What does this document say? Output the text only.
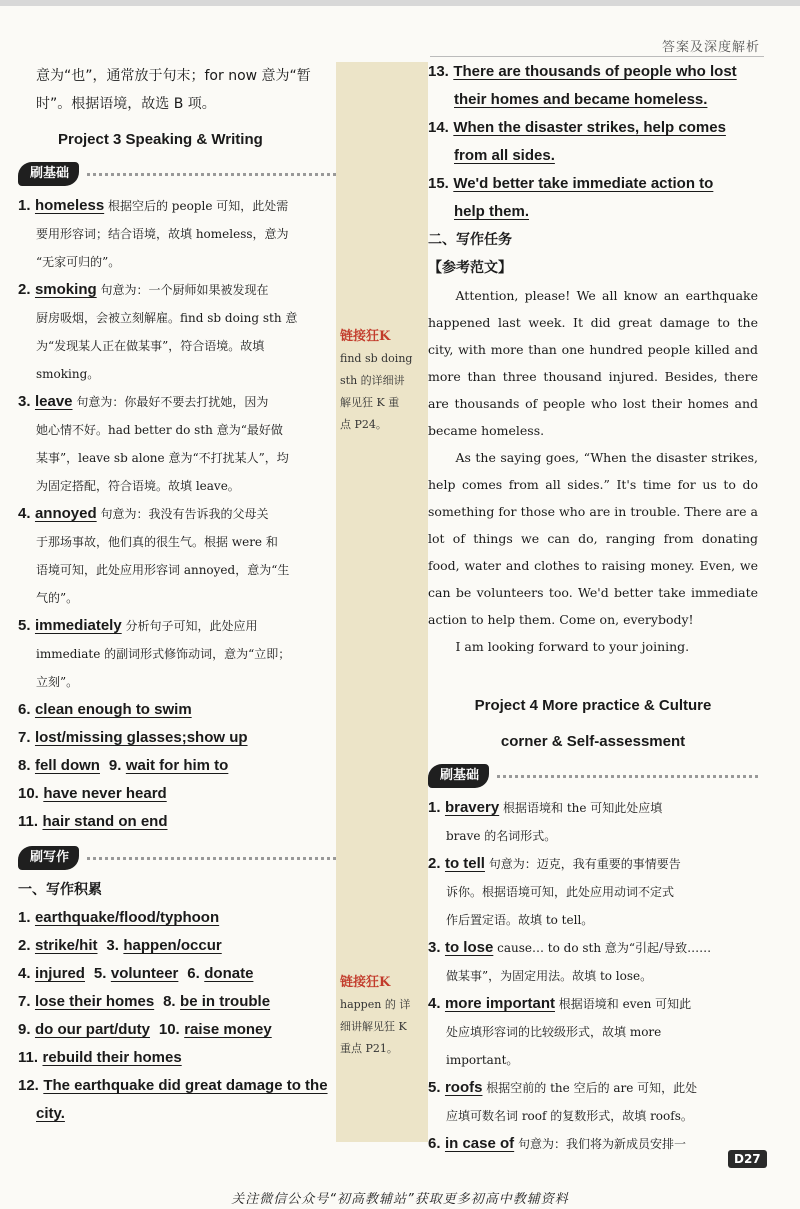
答案及深度解析
链接狂K
find sb doing
sth 的详细讲
解见狂 K 重
点 P24。
链接狂K
happen 的 详
细讲解见狂 K
重点 P21。
意为“也”，通常放于句末；for now 意为“暂
时”。根据语境，故选 B 项。
Project 3 Speaking & Writing
刷基础
1. homeless 根据空后的 people 可知，此处需
要用形容词；结合语境，故填 homeless，意为
“无家可归的”。
2. smoking 句意为：一个厨师如果被发现在
厨房吸烟，会被立刻解雇。find sb doing sth 意
为“发现某人正在做某事”，符合语境。故填
smoking。
3. leave 句意为：你最好不要去打扰她，因为
她心情不好。had better do sth 意为“最好做
某事”，leave sb alone 意为“不打扰某人”，均
为固定搭配，符合语境。故填 leave。
4. annoyed 句意为：我没有告诉我的父母关
于那场事故，他们真的很生气。根据 were 和
语境可知，此处应用形容词 annoyed，意为“生
气的”。
5. immediately 分析句子可知，此处应用
immediate 的副词形式修饰动词，意为“立即；
立刻”。
6. clean enough to swim
7. lost/missing glasses;show up
8. fell down 9. wait for him to
10. have never heard
11. hair stand on end
刷写作
一、写作积累
1. earthquake/flood/typhoon
2. strike/hit 3. happen/occur
4. injured 5. volunteer 6. donate
7. lose their homes 8. be in trouble
9. do our part/duty 10. raise money
11. rebuild their homes
12. The earthquake did great damage to the
city.
13. There are thousands of people who lost
their homes and became homeless.
14. When the disaster strikes, help comes
from all sides.
15. We'd better take immediate action to
help them.
二、写作任务
【参考范文】

Attention, please! We all know an earthquake happened last week. It did great damage to the city, with more than one hundred people killed and more than three thousand injured. Besides, there are thousands of people who lost their homes and became homeless.

As the saying goes, “When the disaster strikes, help comes from all sides.” It's time for us to do something for those who are in trouble. There are a lot of things we can do, ranging from donating food, water and clothes to raising money. Even, we can be volunteers too. We'd better take immediate action to help them. Come on, everybody!

I am looking forward to your joining.

Project 4 More practice & Culture
corner & Self-assessment
刷基础
1. bravery 根据语境和 the 可知此处应填
brave 的名词形式。
2. to tell 句意为：迈克，我有重要的事情要告
诉你。根据语境可知，此处应用动词不定式
作后置定语。故填 to tell。
3. to lose cause… to do sth 意为“引起/导致……
做某事”，为固定用法。故填 to lose。
4. more important 根据语境和 even 可知此
处应填形容词的比较级形式，故填 more
important。
5. roofs 根据空前的 the 空后的 are 可知，此处
应填可数名词 roof 的复数形式，故填 roofs。
6. in case of 句意为：我们将为新成员安排一
D27
关注微信公众号“初高教辅站”获取更多初高中教辅资料
